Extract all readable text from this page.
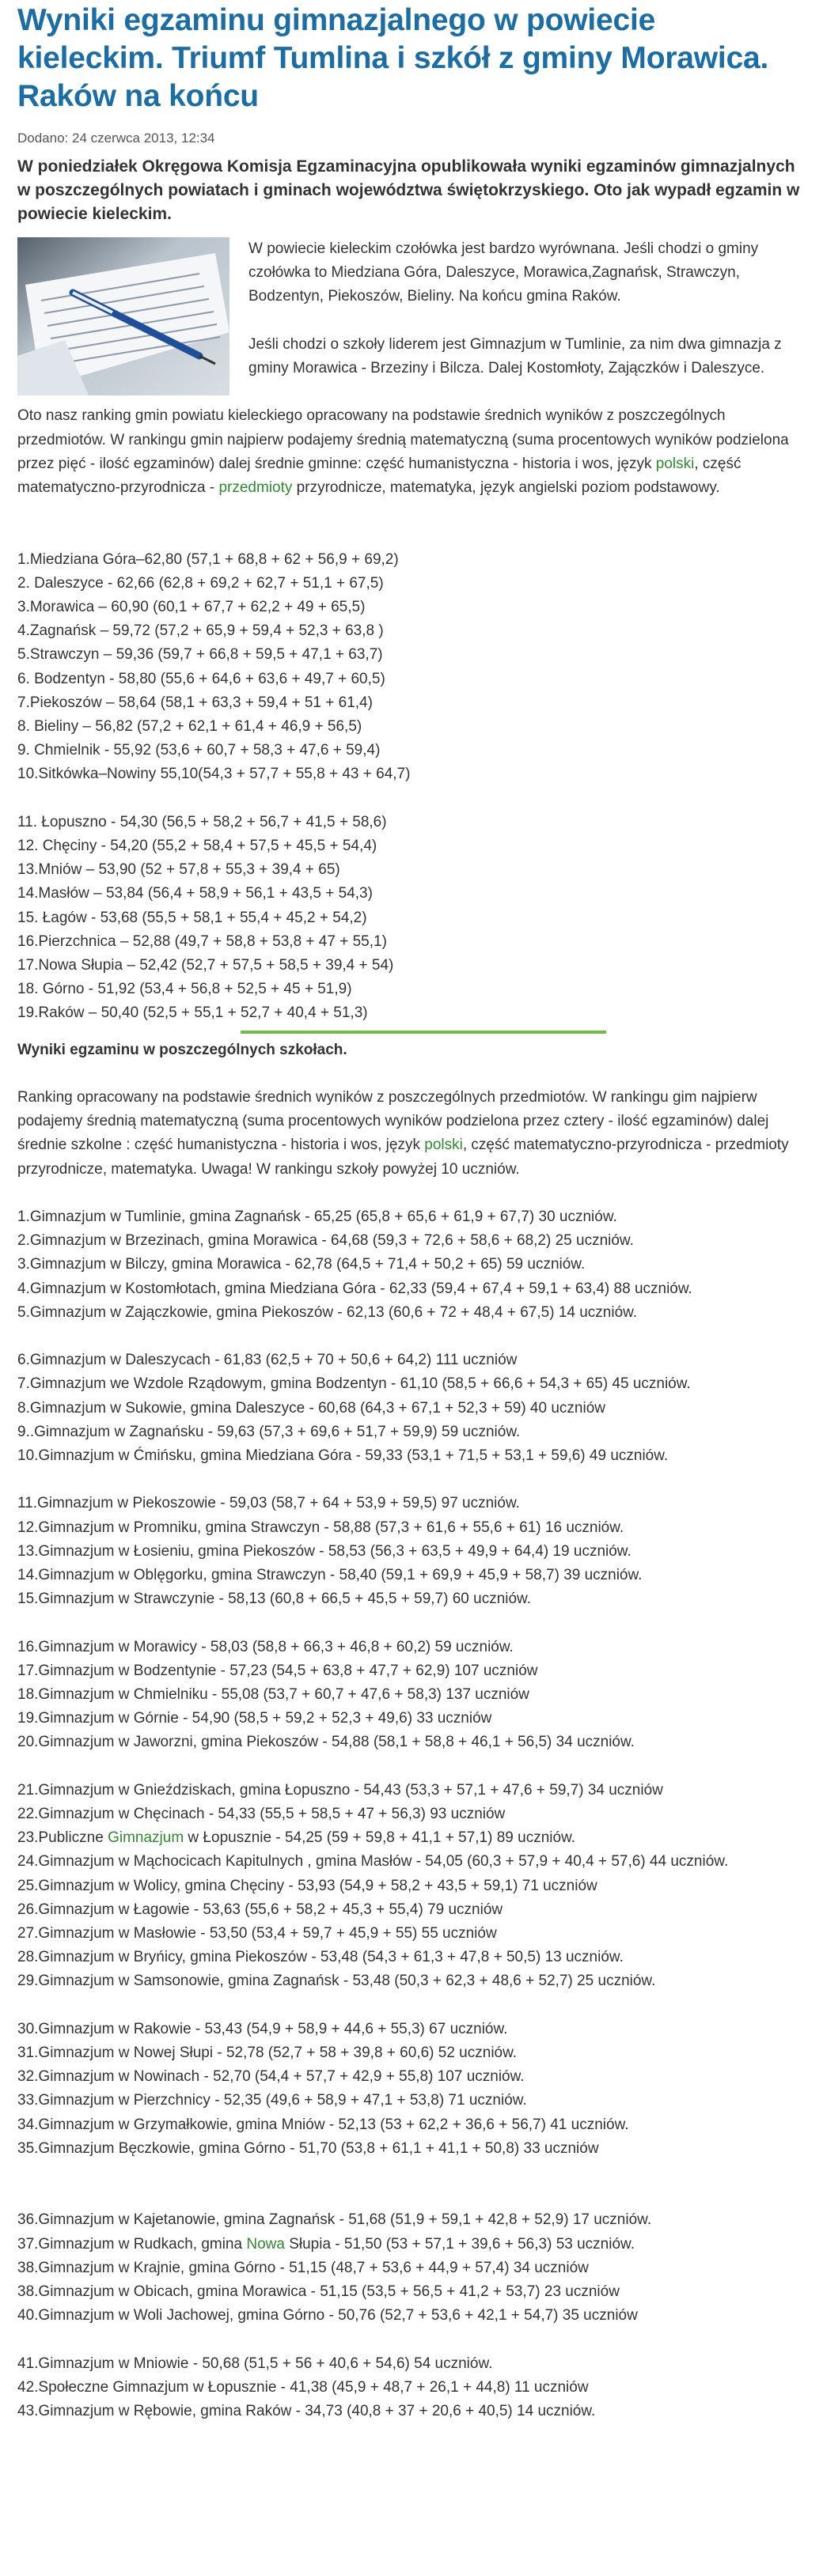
Wyniki egzaminu gimnazjalnego w powiecie kieleckim. Triumf Tumlina i szkół z gminy Morawica. Raków na końcu
Dodano: 24 czerwca 2013, 12:34
W poniedziałek Okręgowa Komisja Egzaminacyjna opublikowała wyniki egzaminów gimnazjalnych w poszczególnych powiatach i gminach województwa świętokrzyskiego. Oto jak wypadł egzamin w powiecie kieleckim.

W powiecie kieleckim czołówka jest bardzo wyrównana. Jeśli chodzi o gminy czołówka to Miedziana Góra, Daleszyce, Morawica,Zagnańsk, Strawczyn, Bodzentyn, Piekoszów, Bieliny. Na końcu gmina Raków.

Jeśli chodzi o szkoły liderem jest Gimnazjum w Tumlinie, za nim dwa gimnazja z gminy Morawica - Brzeziny i Bilcza. Dalej Kostomłoty, Zajączków i Daleszyce.

Oto nasz ranking gmin powiatu kieleckiego opracowany na podstawie średnich wyników z poszczególnych przedmiotów. W rankingu gmin najpierw podajemy średnią matematyczną (suma procentowych wyników podzielona przez pięć - ilość egzaminów) dalej średnie gminne: część humanistyczna - historia i wos, język polski, część matematyczno-przyrodnicza - przedmioty przyrodnicze, matematyka, język angielski poziom podstawowy.

1.Miedziana Góra–62,80 (57,1 + 68,8 + 62 + 56,9 + 69,2)

2. Daleszyce - 62,66 (62,8 + 69,2 + 62,7 + 51,1 + 67,5)

3.Morawica – 60,90 (60,1 + 67,7 + 62,2 + 49 + 65,5)

4.Zagnańsk – 59,72 (57,2 + 65,9 + 59,4 + 52,3 + 63,8 )

5.Strawczyn – 59,36 (59,7 + 66,8 + 59,5 + 47,1 + 63,7)

6. Bodzentyn - 58,80 (55,6 + 64,6 + 63,6 + 49,7 + 60,5)

7.Piekoszów – 58,64 (58,1 + 63,3 + 59,4 + 51 + 61,4)

8. Bieliny – 56,82 (57,2 + 62,1 + 61,4 + 46,9 + 56,5)

9. Chmielnik - 55,92 (53,6 + 60,7 + 58,3 + 47,6 + 59,4)

10.Sitkówka–Nowiny 55,10(54,3 + 57,7 + 55,8 + 43 + 64,7)

11. Łopuszno - 54,30 (56,5 + 58,2 + 56,7 + 41,5 + 58,6)

12. Chęciny - 54,20 (55,2 + 58,4 + 57,5 + 45,5 + 54,4)

13.Mniów – 53,90 (52 + 57,8 + 55,3 + 39,4 + 65)

14.Masłów – 53,84 (56,4 + 58,9 + 56,1 + 43,5 + 54,3)

15. Łagów - 53,68 (55,5 + 58,1 + 55,4 + 45,2 + 54,2)

16.Pierzchnica – 52,88 (49,7 + 58,8 + 53,8 + 47 + 55,1)

17.Nowa Słupia – 52,42 (52,7 + 57,5 + 58,5 + 39,4 + 54)

18. Górno - 51,92 (53,4 + 56,8 + 52,5 + 45 + 51,9)

19.Raków – 50,40 (52,5 + 55,1 + 52,7 + 40,4 + 51,3)

Wyniki egzaminu w poszczególnych szkołach.

Ranking opracowany na podstawie średnich wyników z poszczególnych przedmiotów. W rankingu gim najpierw podajemy średnią matematyczną (suma procentowych wyników podzielona przez cztery - ilość egzaminów) dalej średnie szkolne : część humanistyczna - historia i wos, język polski, część matematyczno-przyrodnicza - przedmioty przyrodnicze, matematyka. Uwaga! W rankingu szkoły powyżej 10 uczniów.

1.Gimnazjum w Tumlinie, gmina Zagnańsk - 65,25 (65,8 + 65,6 + 61,9 + 67,7) 30 uczniów.

2.Gimnazjum w Brzezinach, gmina Morawica - 64,68 (59,3 + 72,6 + 58,6 + 68,2) 25 uczniów.

3.Gimnazjum w Bilczy, gmina Morawica - 62,78 (64,5 + 71,4 + 50,2 + 65) 59 uczniów.

4.Gimnazjum w Kostomłotach, gmina Miedziana Góra - 62,33 (59,4 + 67,4 + 59,1 + 63,4) 88 uczniów.

5.Gimnazjum w Zajączkowie, gmina Piekoszów - 62,13 (60,6 + 72 + 48,4 + 67,5) 14 uczniów.

6.Gimnazjum w Daleszycach - 61,83 (62,5 + 70 + 50,6 + 64,2) 111 uczniów

7.Gimnazjum we Wzdole Rządowym, gmina Bodzentyn - 61,10 (58,5 + 66,6 + 54,3 + 65) 45 uczniów.

8.Gimnazjum w Sukowie, gmina Daleszyce - 60,68 (64,3 + 67,1 + 52,3 + 59) 40 uczniów

9..Gimnazjum w Zagnańsku - 59,63 (57,3 + 69,6 + 51,7 + 59,9) 59 uczniów.

10.Gimnazjum w Ćmińsku, gmina Miedziana Góra - 59,33 (53,1 + 71,5 + 53,1 + 59,6) 49 uczniów.

11.Gimnazjum w Piekoszowie - 59,03 (58,7 + 64 + 53,9 + 59,5) 97 uczniów.

12.Gimnazjum w Promniku, gmina Strawczyn - 58,88 (57,3 + 61,6 + 55,6 + 61) 16 uczniów.

13.Gimnazjum w Łosieniu, gmina Piekoszów - 58,53 (56,3 + 63,5 + 49,9 + 64,4) 19 uczniów.

14.Gimnazjum w Oblęgorku, gmina Strawczyn - 58,40 (59,1 + 69,9 + 45,9 + 58,7) 39 uczniów.

15.Gimnazjum w Strawczynie - 58,13 (60,8 + 66,5 + 45,5 + 59,7) 60 uczniów.

16.Gimnazjum w Morawicy - 58,03 (58,8 + 66,3 + 46,8 + 60,2) 59 uczniów.

17.Gimnazjum w Bodzentynie - 57,23 (54,5 + 63,8 + 47,7 + 62,9) 107 uczniów

18.Gimnazjum w Chmielniku - 55,08 (53,7 + 60,7 + 47,6 + 58,3) 137 uczniów

19.Gimnazjum w Górnie - 54,90 (58,5 + 59,2 + 52,3 + 49,6) 33 uczniów

20.Gimnazjum w Jaworzni, gmina Piekoszów - 54,88 (58,1 + 58,8 + 46,1 + 56,5) 34 uczniów.

21.Gimnazjum w Gnieździskach, gmina Łopuszno - 54,43 (53,3 + 57,1 + 47,6 + 59,7) 34 uczniów

22.Gimnazjum w Chęcinach - 54,33 (55,5 + 58,5 + 47 + 56,3) 93 uczniów

23.Publiczne Gimnazjum w Łopusznie - 54,25 (59 + 59,8 + 41,1 + 57,1) 89 uczniów.

24.Gimnazjum w Mąchocicach Kapitulnych , gmina Masłów - 54,05 (60,3 + 57,9 + 40,4 + 57,6) 44 uczniów.

25.Gimnazjum w Wolicy, gmina Chęciny - 53,93 (54,9 + 58,2 + 43,5 + 59,1) 71 uczniów

26.Gimnazjum w Łagowie - 53,63 (55,6 + 58,2 + 45,3 + 55,4) 79 uczniów

27.Gimnazjum w Masłowie - 53,50 (53,4 + 59,7 + 45,9 + 55) 55 uczniów

28.Gimnazjum w Bryńicy, gmina Piekoszów - 53,48 (54,3 + 61,3 + 47,8 + 50,5) 13 uczniów.

29.Gimnazjum w Samsonowie, gmina Zagnańsk - 53,48 (50,3 + 62,3 + 48,6 + 52,7) 25 uczniów.

30.Gimnazjum w Rakowie - 53,43 (54,9 + 58,9 + 44,6 + 55,3) 67 uczniów.

31.Gimnazjum w Nowej Słupi - 52,78 (52,7 + 58 + 39,8 + 60,6) 52 uczniów.

32.Gimnazjum w Nowinach - 52,70 (54,4 + 57,7 + 42,9 + 55,8) 107 uczniów.

33.Gimnazjum w Pierzchnicy - 52,35 (49,6 + 58,9 + 47,1 + 53,8) 71 uczniów.

34.Gimnazjum w Grzymałkowie, gmina Mniów - 52,13 (53 + 62,2 + 36,6 + 56,7) 41 uczniów.

35.Gimnazjum Bęczkowie, gmina Górno - 51,70 (53,8 + 61,1 + 41,1 + 50,8) 33 uczniów

36.Gimnazjum w Kajetanowie, gmina Zagnańsk - 51,68 (51,9 + 59,1 + 42,8 + 52,9) 17 uczniów.

37.Gimnazjum w Rudkach, gmina Nowa Słupia - 51,50 (53 + 57,1 + 39,6 + 56,3) 53 uczniów.

38.Gimnazjum w Krajnie, gmina Górno - 51,15 (48,7 + 53,6 + 44,9 + 57,4) 34 uczniów

38.Gimnazjum w Obicach, gmina Morawica - 51,15 (53,5 + 56,5 + 41,2 + 53,7) 23 uczniów

40.Gimnazjum w Woli Jachowej, gmina Górno - 50,76 (52,7 + 53,6 + 42,1 + 54,7) 35 uczniów

41.Gimnazjum w Mniowie - 50,68 (51,5 + 56 + 40,6 + 54,6) 54 uczniów.

42.Społeczne Gimnazjum w Łopusznie - 41,38 (45,9 + 48,7 + 26,1 + 44,8) 11 uczniów

43.Gimnazjum w Rębowie, gmina Raków - 34,73 (40,8 + 37 + 20,6 + 40,5) 14 uczniów.
